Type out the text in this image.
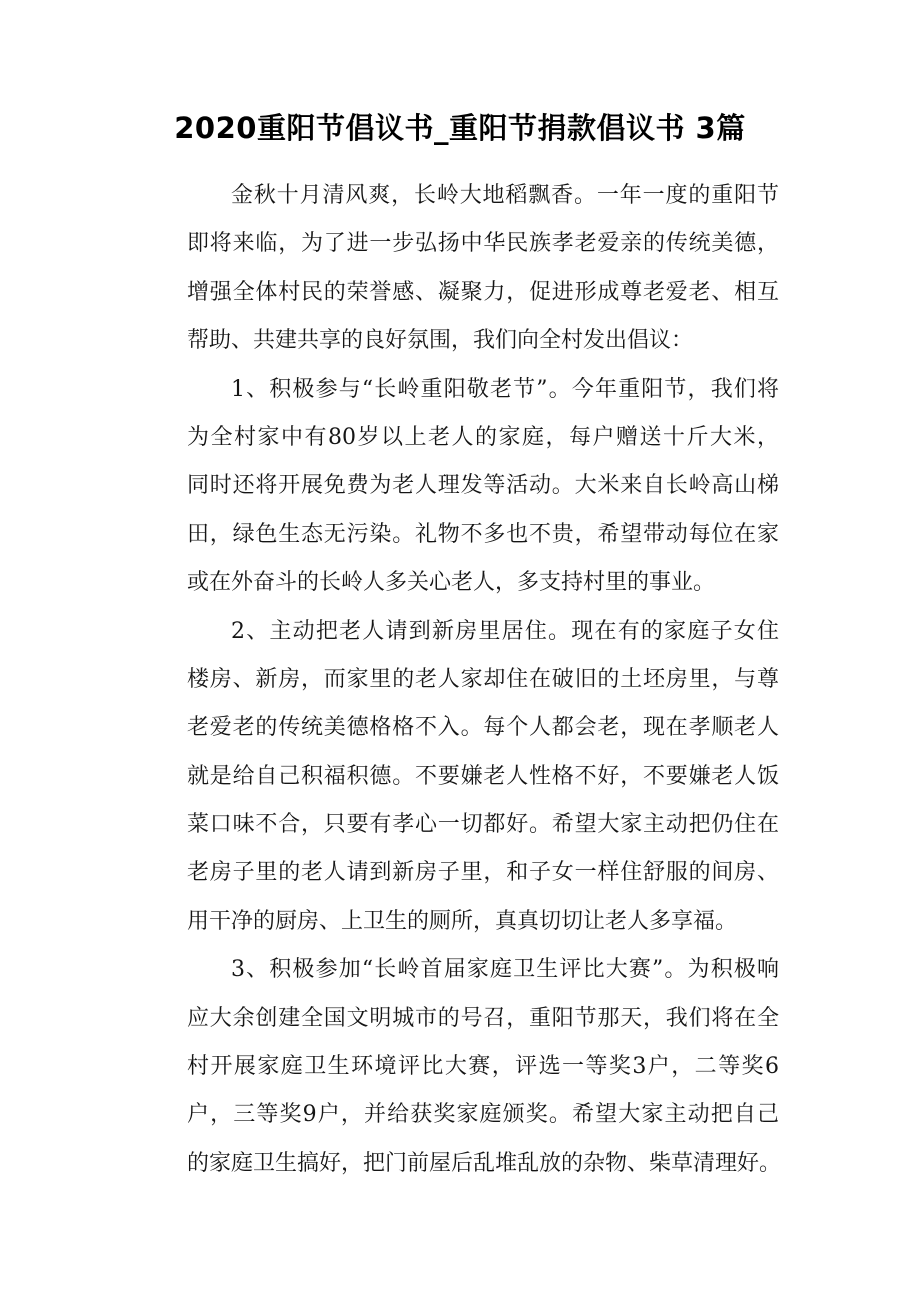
2020重阳节倡议书_重阳节捐款倡议书 3篇
金秋十月清风爽，长岭大地稻飘香。一年一度的重阳节
即将来临，为了进一步弘扬中华民族孝老爱亲的传统美德，
增强全体村民的荣誉感、凝聚力，促进形成尊老爱老、相互
帮助、共建共享的良好氛围，我们向全村发出倡议：
1、积极参与“长岭重阳敬老节”。今年重阳节，我们将
为全村家中有80岁以上老人的家庭，每户赠送十斤大米，
同时还将开展免费为老人理发等活动。大米来自长岭高山梯
田，绿色生态无污染。礼物不多也不贵，希望带动每位在家
或在外奋斗的长岭人多关心老人，多支持村里的事业。
2、主动把老人请到新房里居住。现在有的家庭子女住
楼房、新房，而家里的老人家却住在破旧的土坯房里，与尊
老爱老的传统美德格格不入。每个人都会老，现在孝顺老人
就是给自己积福积德。不要嫌老人性格不好，不要嫌老人饭
菜口味不合，只要有孝心一切都好。希望大家主动把仍住在
老房子里的老人请到新房子里，和子女一样住舒服的间房、
用干净的厨房、上卫生的厕所，真真切切让老人多享福。
3、积极参加“长岭首届家庭卫生评比大赛”。为积极响
应大余创建全国文明城市的号召，重阳节那天，我们将在全
村开展家庭卫生环境评比大赛，评选一等奖3户，二等奖6
户，三等奖9户，并给获奖家庭颁奖。希望大家主动把自己
的家庭卫生搞好，把门前屋后乱堆乱放的杂物、柴草清理好。
